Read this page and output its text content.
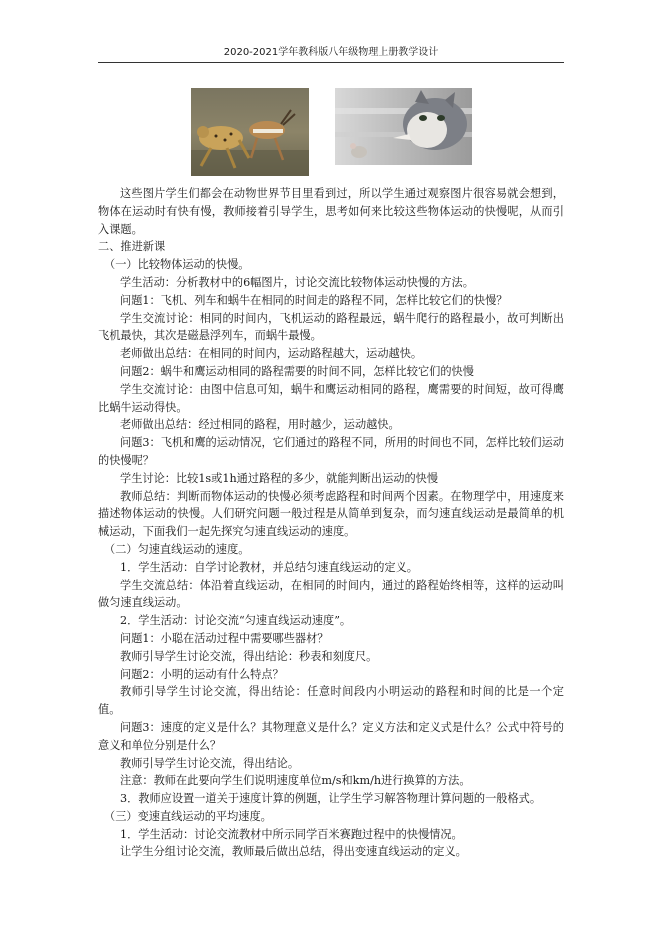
2020-2021学年教科版八年级物理上册教学设计

这些图片学生们都会在动物世界节目里看到过，所以学生通过观察图片很容易就会想到，物体在运动时有快有慢，教师接着引导学生，思考如何来比较这些物体运动的快慢呢，从而引入课题。

二、推进新课

（一）比较物体运动的快慢。

学生活动：分析教材中的6幅图片，讨论交流比较物体运动快慢的方法。

问题1：飞机、列车和蜗牛在相同的时间走的路程不同，怎样比较它们的快慢？

学生交流讨论：相同的时间内，飞机运动的路程最远，蜗牛爬行的路程最小，故可判断出飞机最快，其次是磁悬浮列车，而蜗牛最慢。

老师做出总结：在相同的时间内，运动路程越大，运动越快。

问题2：蜗牛和鹰运动相同的路程需要的时间不同，怎样比较它们的快慢

学生交流讨论：由图中信息可知，蜗牛和鹰运动相同的路程，鹰需要的时间短，故可得鹰比蜗牛运动得快。

老师做出总结：经过相同的路程，用时越少，运动越快。

问题3：飞机和鹰的运动情况，它们通过的路程不同，所用的时间也不同，怎样比较们运动的快慢呢？

学生讨论：比较1s或1h通过路程的多少，就能判断出运动的快慢

教师总结：判断而物体运动的快慢必须考虑路程和时间两个因素。在物理学中，用速度来描述物体运动的快慢。人们研究问题一般过程是从简单到复杂，而匀速直线运动是最简单的机械运动，下面我们一起先探究匀速直线运动的速度。

（二）匀速直线运动的速度。

1．学生活动：自学讨论教材，并总结匀速直线运动的定义。

学生交流总结：体沿着直线运动，在相同的时间内，通过的路程始终相等，这样的运动叫做匀速直线运动。

2．学生活动：讨论交流“匀速直线运动速度”。

问题1：小聪在活动过程中需要哪些器材？

教师引导学生讨论交流，得出结论：秒表和刻度尺。

问题2：小明的运动有什么特点？

教师引导学生讨论交流，得出结论：任意时间段内小明运动的路程和时间的比是一个定值。

问题3：速度的定义是什么？其物理意义是什么？定义方法和定义式是什么？公式中符号的意义和单位分别是什么？

教师引导学生讨论交流，得出结论。

注意：教师在此要向学生们说明速度单位m/s和km/h进行换算的方法。

3．教师应设置一道关于速度计算的例题，让学生学习解答物理计算问题的一般格式。

（三）变速直线运动的平均速度。

1．学生活动：讨论交流教材中所示同学百米赛跑过程中的快慢情况。

让学生分组讨论交流，教师最后做出总结，得出变速直线运动的定义。
